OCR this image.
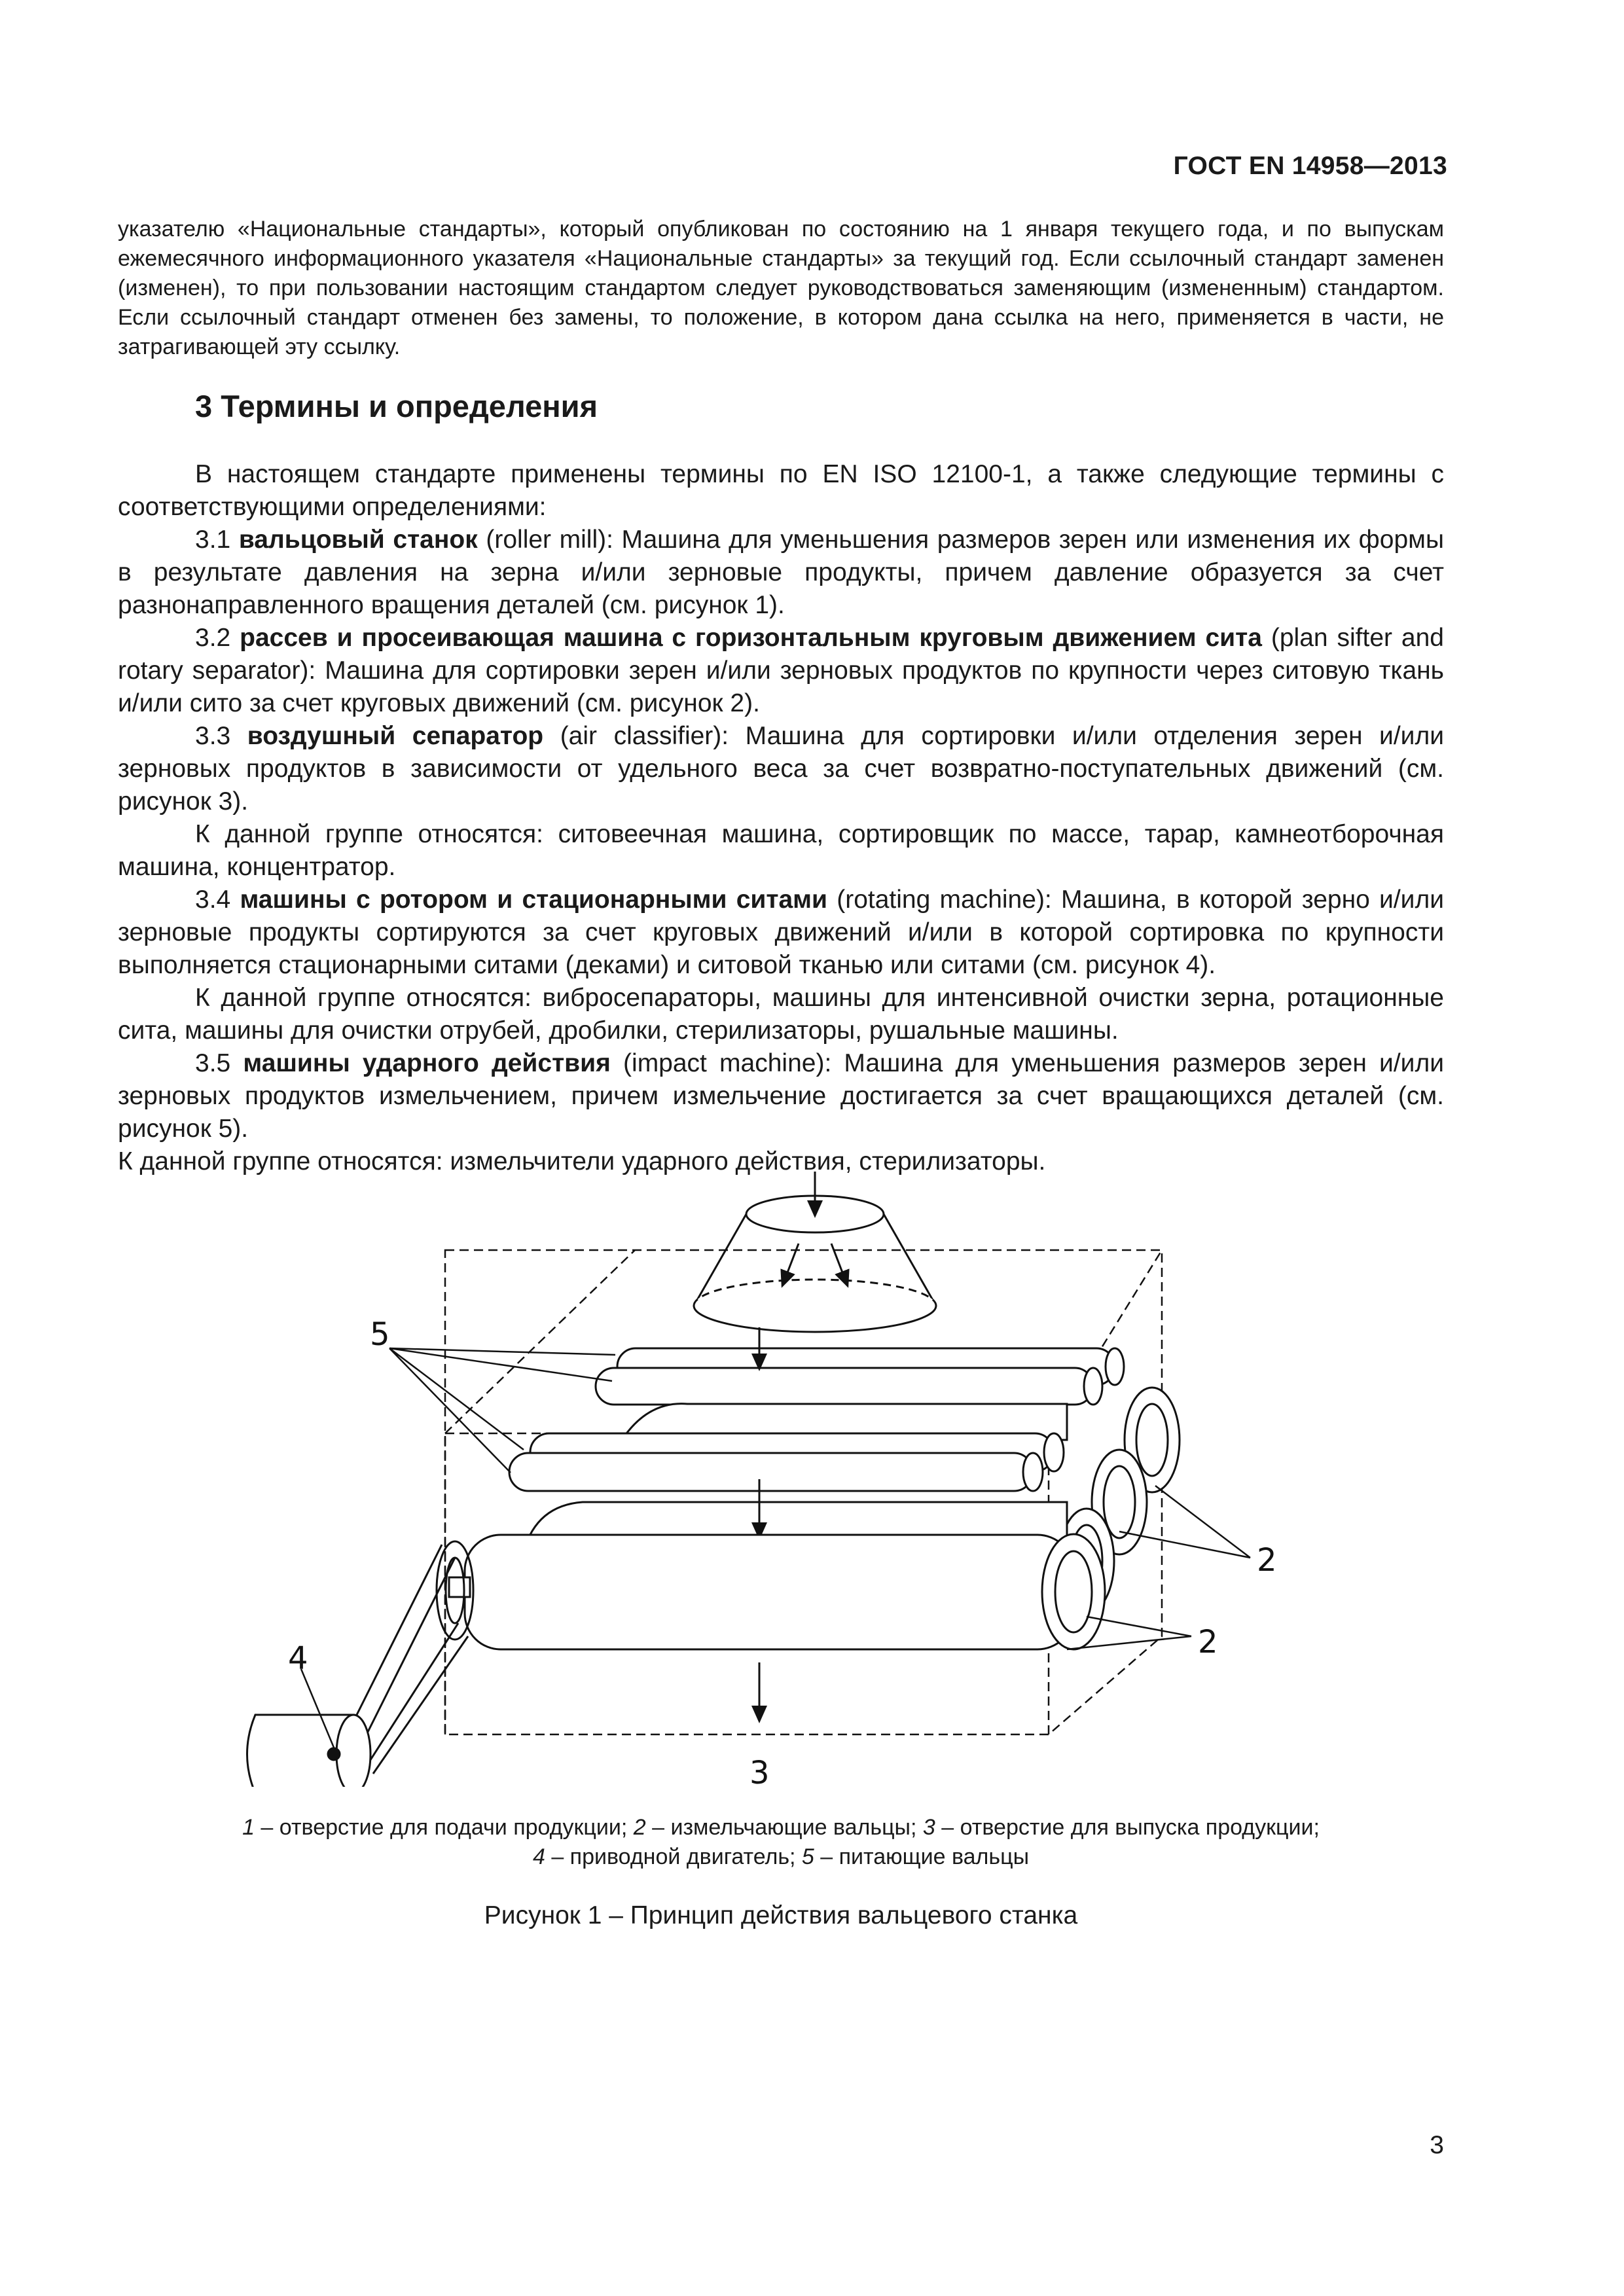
ГОСТ EN 14958—2013
указателю «Национальные стандарты», который опубликован по состоянию на 1 января текущего года, и по выпускам ежемесячного информационного указателя «Национальные стандарты» за текущий год. Если ссылочный стандарт заменен (изменен), то при пользовании настоящим стандартом следует руководствоваться заменяющим (измененным) стандартом. Если ссылочный стандарт отменен без замены, то положение, в котором дана ссылка на него, применяется в части, не затрагивающей эту ссылку.
3 Термины и определения

В настоящем стандарте применены термины по EN ISO 12100-1, а также следующие термины с соответствующими определениями:

3.1 вальцовый станок (roller mill): Машина для уменьшения размеров зерен или изменения их формы в результате давления на зерна и/или зерновые продукты, причем давление образуется за счет разнонаправленного вращения деталей (см. рисунок 1).

3.2 рассев и просеивающая машина с горизонтальным круговым движением сита (plan sifter and rotary separator): Машина для сортировки зерен и/или зерновых продуктов по крупности через ситовую ткань и/или сито за счет круговых движений (см. рисунок 2).

3.3 воздушный сепаратор (air classifier): Машина для сортировки и/или отделения зерен и/или зерновых продуктов в зависимости от удельного веса за счет возвратно-поступательных движений (см. рисунок 3).

К данной группе относятся: ситовеечная машина, сортировщик по массе, тарар, камнеотборочная машина, концентратор.

3.4 машины с ротором и стационарными ситами (rotating machine): Машина, в которой зерно и/или зерновые продукты сортируются за счет круговых движений и/или в которой сортировка по крупности выполняется стационарными ситами (деками) и ситовой тканью или ситами (см. рисунок 4).

К данной группе относятся: вибросепараторы, машины для интенсивной очистки зерна, ротационные сита, машины для очистки отрубей, дробилки, стерилизаторы, рушальные машины.

3.5 машины ударного действия (impact machine): Машина для уменьшения размеров зерен и/или зерновых продуктов измельчением, причем измельчение достигается за счет вращающихся деталей (см. рисунок 5).

К данной группе относятся: измельчители ударного действия, стерилизаторы.

5
4
3
2
2
1 – отверстие для подачи продукции; 2 – измельчающие вальцы; 3 – отверстие для выпуска продукции;
4 – приводной двигатель; 5 – питающие вальцы
Рисунок 1 – Принцип действия вальцевого станка
3
